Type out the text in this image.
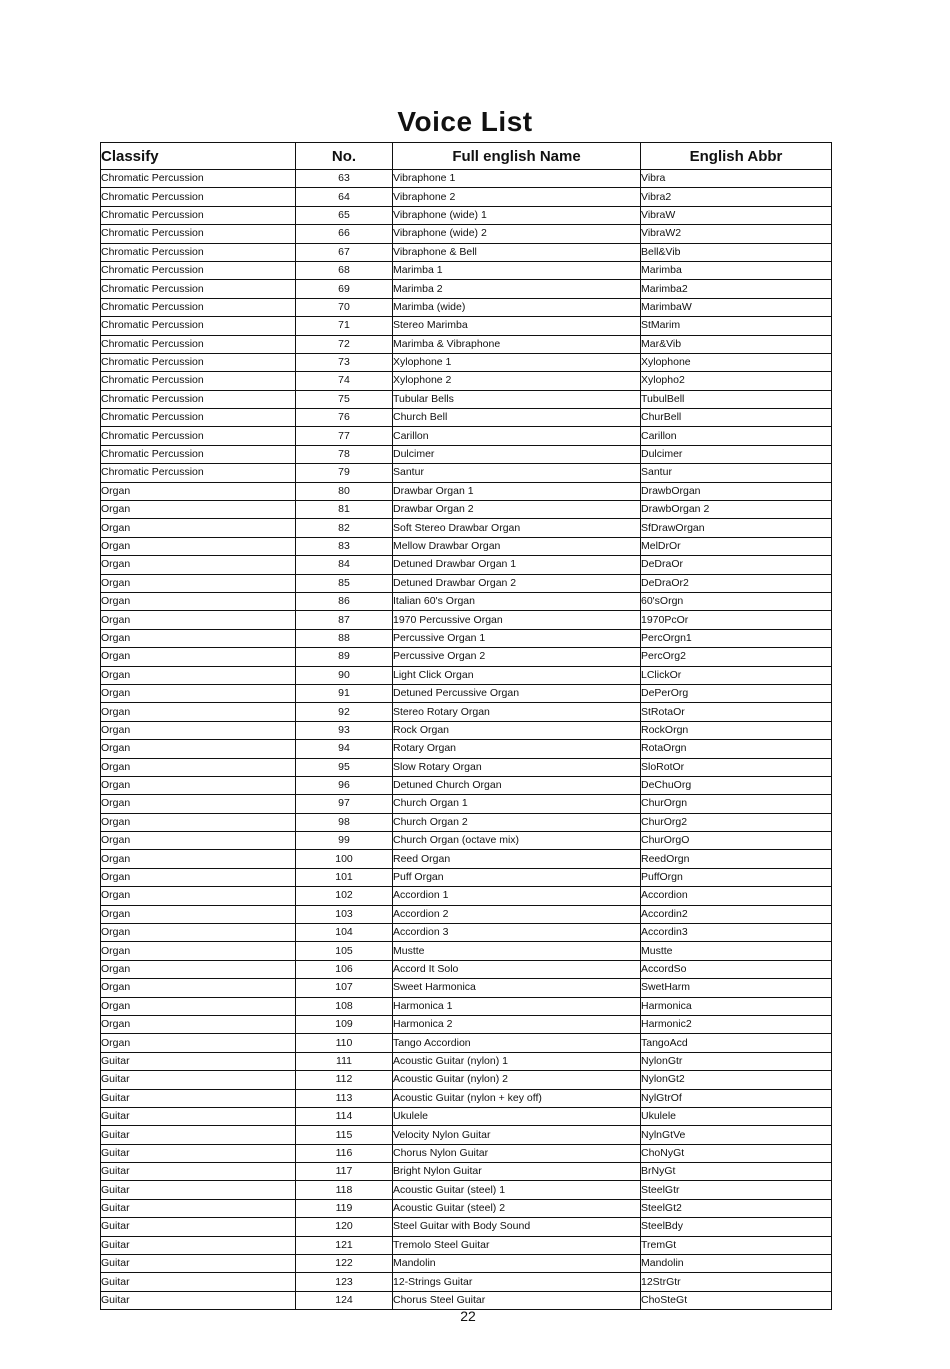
Voice List
Classify	No.	Full english Name	English Abbr
Chromatic Percussion	63	Vibraphone 1	Vibra
Chromatic Percussion	64	Vibraphone 2	Vibra2
Chromatic Percussion	65	Vibraphone (wide) 1	VibraW
Chromatic Percussion	66	Vibraphone (wide) 2	VibraW2
Chromatic Percussion	67	Vibraphone & Bell	Bell&Vib
Chromatic Percussion	68	Marimba 1	Marimba
Chromatic Percussion	69	Marimba 2	Marimba2
Chromatic Percussion	70	Marimba (wide)	MarimbaW
Chromatic Percussion	71	Stereo Marimba	StMarim
Chromatic Percussion	72	Marimba & Vibraphone	Mar&Vib
Chromatic Percussion	73	Xylophone 1	Xylophone
Chromatic Percussion	74	Xylophone 2	Xylopho2
Chromatic Percussion	75	Tubular Bells	TubulBell
Chromatic Percussion	76	Church Bell	ChurBell
Chromatic Percussion	77	Carillon	Carillon
Chromatic Percussion	78	Dulcimer	Dulcimer
Chromatic Percussion	79	Santur	Santur
Organ	80	Drawbar Organ 1	DrawbOrgan
Organ	81	Drawbar Organ 2	DrawbOrgan 2
Organ	82	Soft Stereo Drawbar Organ	SfDrawOrgan
Organ	83	Mellow Drawbar Organ	MelDrOr
Organ	84	Detuned Drawbar Organ 1	DeDraOr
Organ	85	Detuned Drawbar Organ 2	DeDraOr2
Organ	86	Italian 60's Organ	60'sOrgn
Organ	87	1970 Percussive Organ	1970PcOr
Organ	88	Percussive Organ 1	PercOrgn1
Organ	89	Percussive Organ 2	PercOrg2
Organ	90	Light Click Organ	LClickOr
Organ	91	Detuned Percussive Organ	DePerOrg
Organ	92	Stereo Rotary Organ	StRotaOr
Organ	93	Rock Organ	RockOrgn
Organ	94	Rotary Organ	RotaOrgn
Organ	95	Slow Rotary Organ	SloRotOr
Organ	96	Detuned Church Organ	DeChuOrg
Organ	97	Church Organ 1	ChurOrgn
Organ	98	Church Organ 2	ChurOrg2
Organ	99	Church Organ (octave mix)	ChurOrgO
Organ	100	Reed Organ	ReedOrgn
Organ	101	Puff Organ	PuffOrgn
Organ	102	Accordion 1	Accordion
Organ	103	Accordion 2	Accordin2
Organ	104	Accordion 3	Accordin3
Organ	105	Mustte	Mustte
Organ	106	Accord It Solo	AccordSo
Organ	107	Sweet Harmonica	SwetHarm
Organ	108	Harmonica 1	Harmonica
Organ	109	Harmonica 2	Harmonic2
Organ	110	Tango Accordion	TangoAcd
Guitar	111	Acoustic Guitar (nylon) 1	NylonGtr
Guitar	112	Acoustic Guitar (nylon) 2	NylonGt2
Guitar	113	Acoustic Guitar (nylon + key off)	NylGtrOf
Guitar	114	Ukulele	Ukulele
Guitar	115	Velocity Nylon Guitar	NylnGtVe
Guitar	116	Chorus Nylon Guitar	ChoNyGt
Guitar	117	Bright Nylon Guitar	BrNyGt
Guitar	118	Acoustic Guitar (steel) 1	SteelGtr
Guitar	119	Acoustic Guitar (steel) 2	SteelGt2
Guitar	120	Steel Guitar with Body Sound	SteelBdy
Guitar	121	Tremolo Steel Guitar	TremGt
Guitar	122	Mandolin	Mandolin
Guitar	123	12-Strings Guitar	12StrGtr
Guitar	124	Chorus Steel Guitar	ChoSteGt
22
